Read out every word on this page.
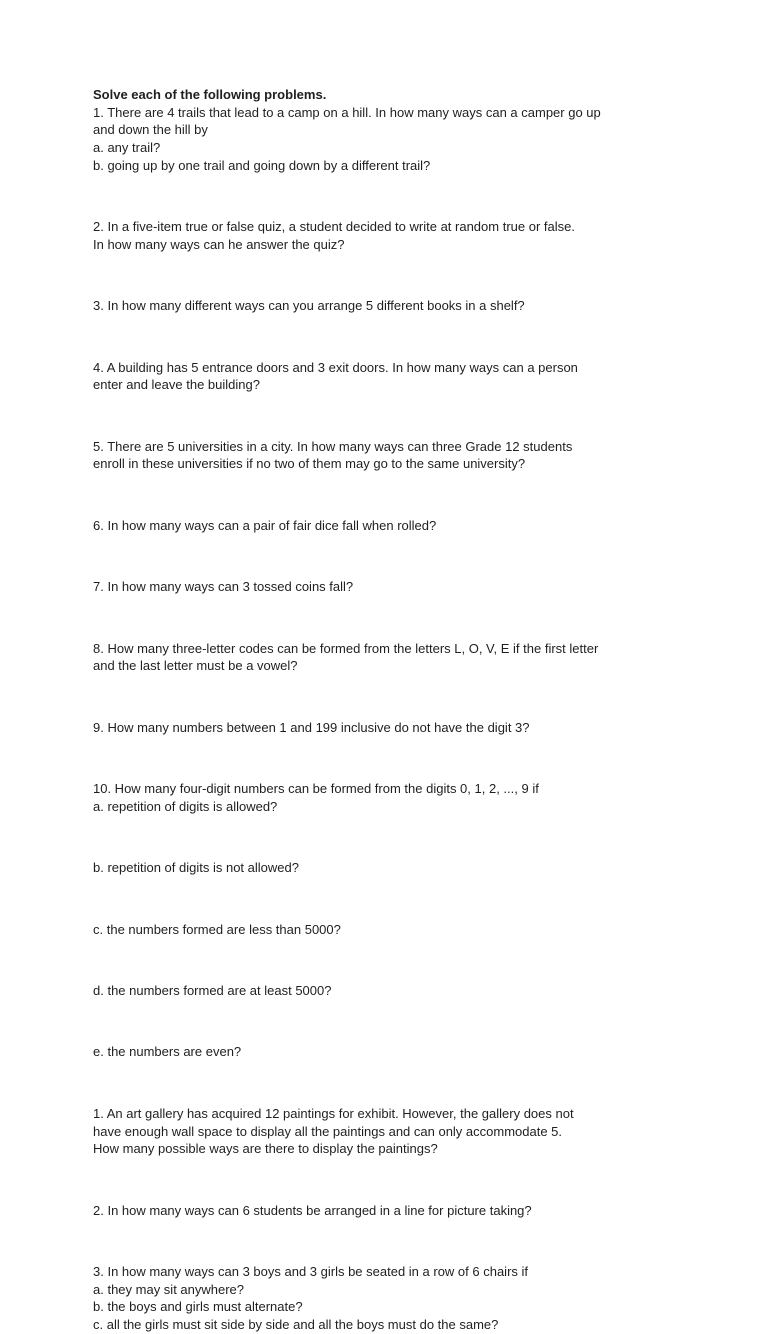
Solve each of the following problems.

1. There are 4 trails that lead to a camp on a hill. In how many ways can a camper go up

and down the hill by

a. any trail?

b. going up by one trail and going down by a different trail?

2. In a five-item true or false quiz, a student decided to write at random true or false.

In how many ways can he answer the quiz?

3. In how many different ways can you arrange 5 different books in a shelf?

4. A building has 5 entrance doors and 3 exit doors. In how many ways can a person

enter and leave the building?

5. There are 5 universities in a city. In how many ways can three Grade 12 students

enroll in these universities if no two of them may go to the same university?

6. In how many ways can a pair of fair dice fall when rolled?

7. In how many ways can 3 tossed coins fall?

8. How many three-letter codes can be formed from the letters L, O, V, E if the first letter

and the last letter must be a vowel?

9. How many numbers between 1 and 199 inclusive do not have the digit 3?

10. How many four-digit numbers can be formed from the digits 0, 1, 2, ..., 9 if

a. repetition of digits is allowed?

b. repetition of digits is not allowed?

c. the numbers formed are less than 5000?

d. the numbers formed are at least 5000?

e. the numbers are even?

1. An art gallery has acquired 12 paintings for exhibit. However, the gallery does not

have enough wall space to display all the paintings and can only accommodate 5.

How many possible ways are there to display the paintings?

2. In how many ways can 6 students be arranged in a line for picture taking?

3. In how many ways can 3 boys and 3 girls be seated in a row of 6 chairs if

a. they may sit anywhere?

b. the boys and girls must alternate?

c. all the girls must sit side by side and all the boys must do the same?
